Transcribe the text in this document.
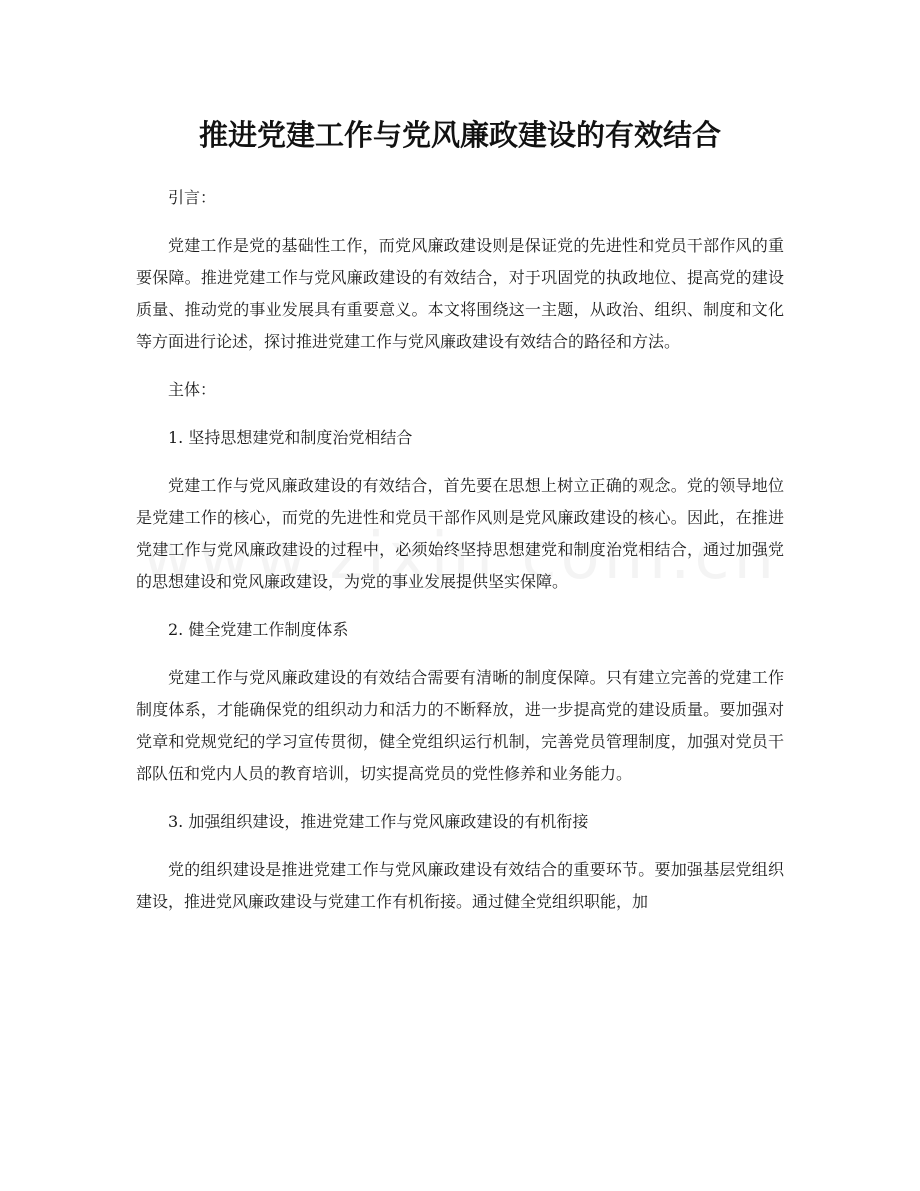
推进党建工作与党风廉政建设的有效结合

引言：

党建工作是党的基础性工作，而党风廉政建设则是保证党的先进性和党员干部作风的重要保障。推进党建工作与党风廉政建设的有效结合，对于巩固党的执政地位、提高党的建设质量、推动党的事业发展具有重要意义。本文将围绕这一主题，从政治、组织、制度和文化等方面进行论述，探讨推进党建工作与党风廉政建设有效结合的路径和方法。

主体：

1. 坚持思想建党和制度治党相结合

党建工作与党风廉政建设的有效结合，首先要在思想上树立正确的观念。党的领导地位是党建工作的核心，而党的先进性和党员干部作风则是党风廉政建设的核心。因此，在推进党建工作与党风廉政建设的过程中，必须始终坚持思想建党和制度治党相结合，通过加强党的思想建设和党风廉政建设，为党的事业发展提供坚实保障。

2. 健全党建工作制度体系

党建工作与党风廉政建设的有效结合需要有清晰的制度保障。只有建立完善的党建工作制度体系，才能确保党的组织动力和活力的不断释放，进一步提高党的建设质量。要加强对党章和党规党纪的学习宣传贯彻，健全党组织运行机制，完善党员管理制度，加强对党员干部队伍和党内人员的教育培训，切实提高党员的党性修养和业务能力。

3. 加强组织建设，推进党建工作与党风廉政建设的有机衔接

党的组织建设是推进党建工作与党风廉政建设有效结合的重要环节。要加强基层党组织建设，推进党风廉政建设与党建工作有机衔接。通过健全党组织职能，加
